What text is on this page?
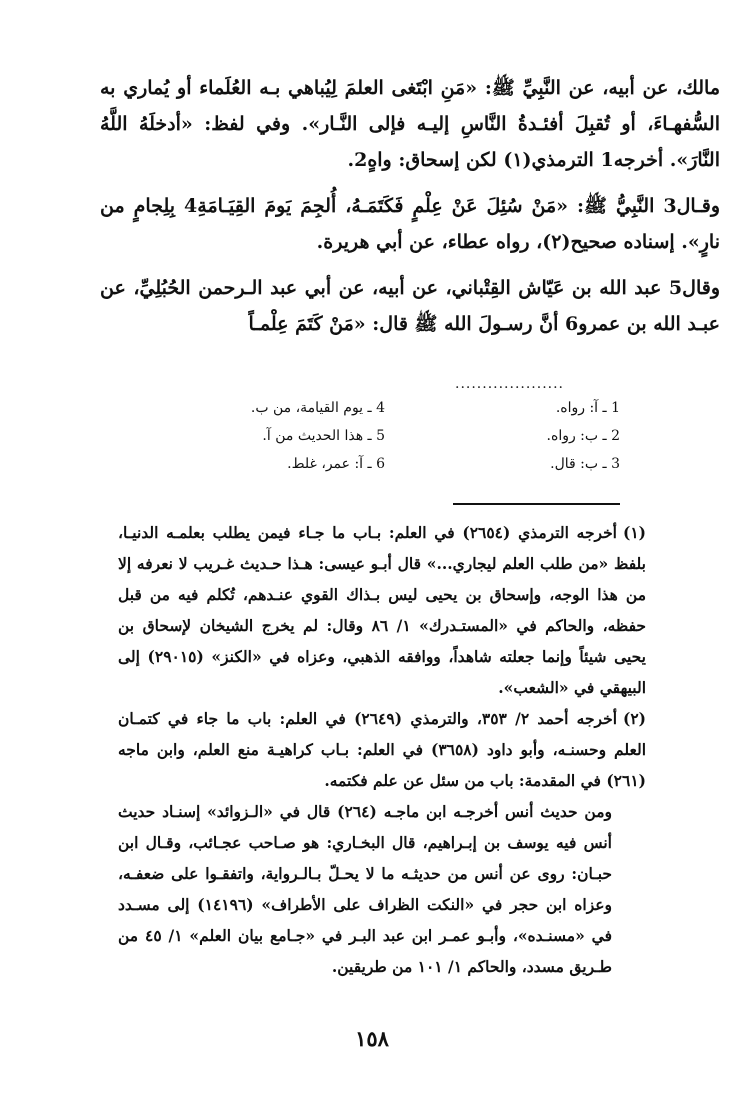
مالك، عن أبيه، عن النَّبِيِّ ﷺ: «مَنِ ابْتَغى العلمَ لِيُباهي بـه العُلَماء أو يُماري به السُّفهـاءَ، أو تُقبِلَ أفئـدةُ النَّاسِ إليـه فإلى النَّـار». وفي لفظ: «أدخلَهُ اللَّهُ النَّارَ». أخرجه1 الترمذي(١) لكن إسحاق: واهٍ2.

وقـال3 النَّبِيُّ ﷺ: «مَنْ سُئِلَ عَنْ عِلْمٍ فَكَتَمَـهُ، أُلجِمَ يَومَ القِيَـامَةِ4 بِلِجامٍ من نارٍ». إسناده صحيح(٢)، رواه عطاء، عن أبي هريرة.

وقال5 عبد الله بن عَيّاش القِتْباني، عن أبيه، عن أبي عبد الـرحمن الحُبُلِيِّ، عن عبـد الله بن عمرو6 أنَّ رسـولَ الله ﷺ قال: «مَنْ كَتَمَ عِلْمـاً

....................
1 ـ آ: رواه.
4 ـ يوم القيامة، من ب.
2 ـ ب: رواه.
5 ـ هذا الحديث من آ.
3 ـ ب: قال.
6 ـ آ: عمر، غلط.

(١)أخرجه الترمذي (٢٦٥٤) في العلم: بـاب ما جـاء فيمن يطلب بعلمـه الدنيـا، بلفظ «من طلب العلم ليجاري...» قال أبـو عيسى: هـذا حـديث غـريب لا نعرفه إلا من هذا الوجه، وإسحاق بن يحيى ليس بـذاك القوي عنـدهم، تُكلم فيه من قبل حفظه، والحاكم في «المستـدرك» ١/ ٨٦ وقال: لم يخرج الشيخان لإسحاق بن يحيى شيئاً وإنما جعلته شاهداً، ووافقه الذهبي، وعزاه في «الكنز» (٢٩٠١٥) إلى البيهقي في «الشعب».

(٢)أخرجه أحمد ٢/ ٣٥٣، والترمذي (٢٦٤٩) في العلم: باب ما جاء في كتمـان العلم وحسنـه، وأبو داود (٣٦٥٨) في العلم: بـاب كراهيـة منع العلم، وابن ماجه (٢٦١) في المقدمة: باب من سئل عن علم فكتمه.

ومن حديث أنس أخرجـه ابن ماجـه (٢٦٤) قال في «الـزوائد» إسنـاد حديث أنس فيه يوسف بن إبـراهيم، قال البخـاري: هو صـاحب عجـائب، وقـال ابن حبـان: روى عن أنس من حديثـه ما لا يحـلّ بـالـرواية، واتفقـوا على ضعفـه، وعزاه ابن حجر في «النكت الظراف على الأطراف» (١٤١٩٦) إلى مسـدد في «مسنـده»، وأبـو عمـر ابن عبد البـر في «جـامع بيان العلم» ١/ ٤٥ من طـريق مسدد، والحاكم ١/ ١٠١ من طريقين.

١٥٨
